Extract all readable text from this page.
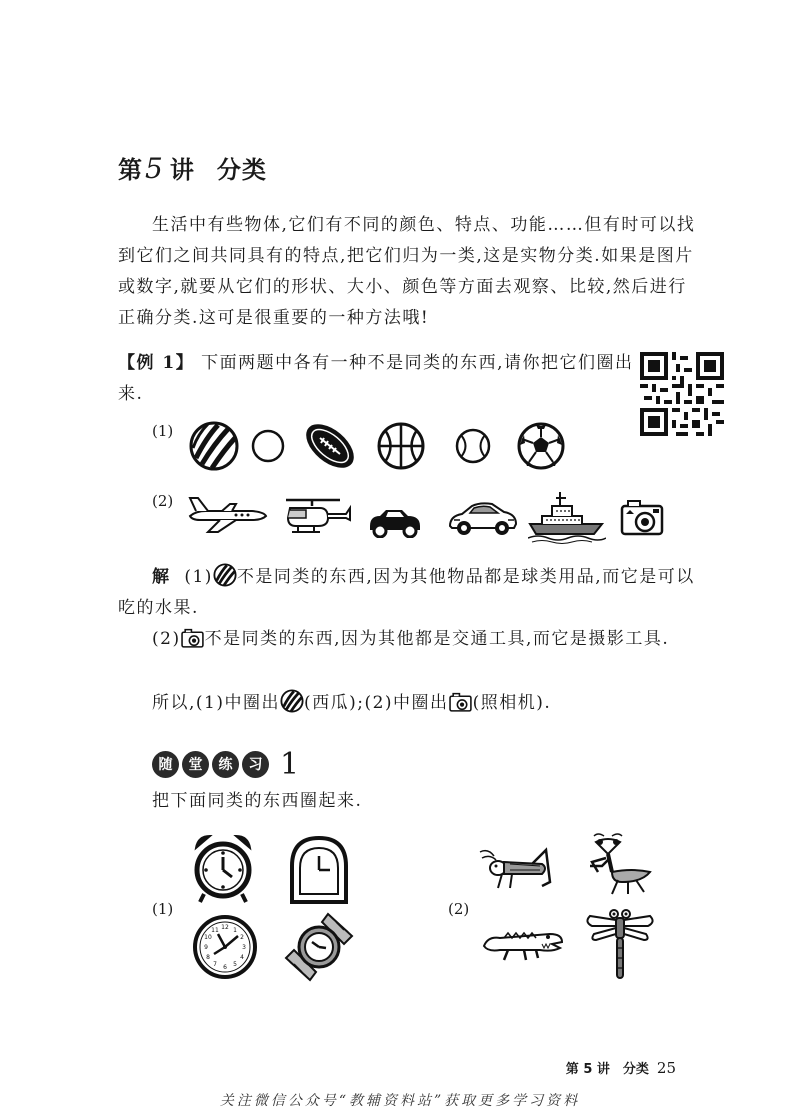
第5 讲 分类
生活中有些物体,它们有不同的颜色、特点、功能……但有时可以找到它们之间共同具有的特点,把它们归为一类,这是实物分类.如果是图片或数字,就要从它们的形状、大小、颜色等方面去观察、比较,然后进行正确分类.这可是很重要的一种方法哦!
【例 1】 下面两题中各有一种不是同类的东西,请你把它们圈出来.
(1)
(2)
解 (1) 不是同类的东西,因为其他物品都是球类用品,而它是可以吃的水果.
(2) 不是同类的东西,因为其他都是交通工具,而它是摄影工具.
所以,(1)中圈出 (西瓜);(2)中圈出 (照相机).
随	堂	练	习 1
把下面同类的东西圈起来.
(1)
12 1
2
3
4
5
6
7
8
9
10
11
(2)
第 5 讲　分类 25
关注微信公众号“教辅资料站”获取更多学习资料
